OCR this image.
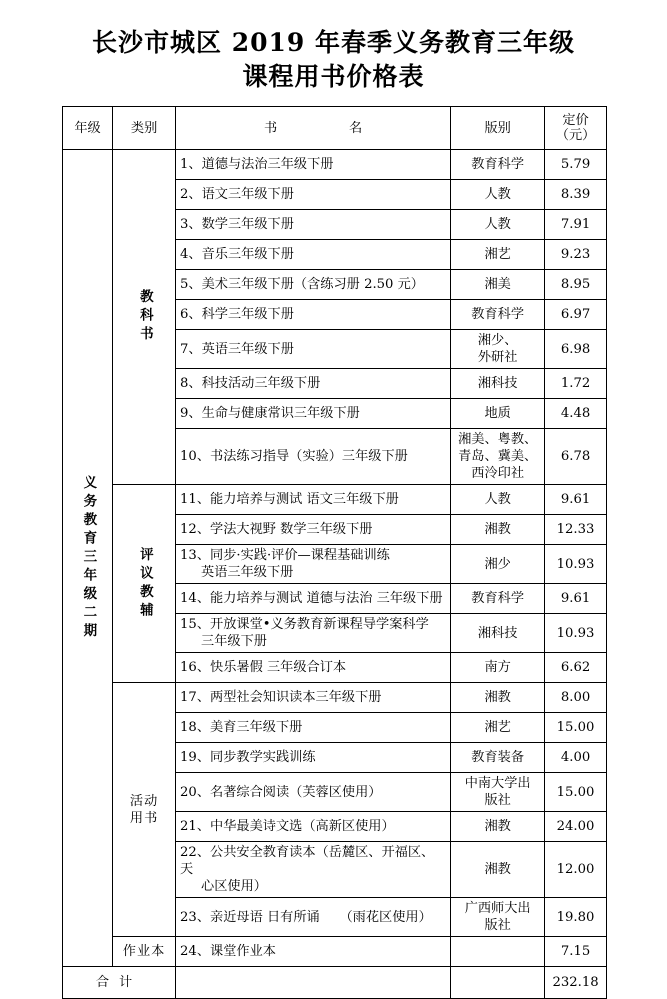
长沙市城区 2019 年春季义务教育三年级
课程用书价格表
年级	类别	书 名	版别	定价
（元）

义务教育三年级二期	教科书	1、道德与法治三年级下册	教育科学	5.79
		2、语文三年级下册	人教	8.39
		3、数学三年级下册	人教	7.91
		4、音乐三年级下册	湘艺	9.23
		5、美术三年级下册（含练习册 2.50 元）	湘美	8.95
		6、科学三年级下册	教育科学	6.97
		7、英语三年级下册	湘少、
外研社	6.98
		8、科技活动三年级下册	湘科技	1.72
		9、生命与健康常识三年级下册	地质	4.48
		10、书法练习指导（实验）三年级下册	湘美、粤教、
青岛、冀美、
西泠印社	6.78

	评议教辅	11、能力培养与测试 语文三年级下册	人教	9.61
		12、学法大视野 数学三年级下册	湘教	12.33
		13、同步·实践·评价—课程基础训练
英语三年级下册	湘少	10.93
		14、能力培养与测试 道德与法治 三年级下册	教育科学	9.61
		15、开放课堂•义务教育新课程导学案科学
三年级下册	湘科技	10.93
		16、快乐暑假 三年级合订本	南方	6.62

	活动
用书	17、两型社会知识读本三年级下册	湘教	8.00
		18、美育三年级下册	湘艺	15.00
		19、同步教学实践训练	教育装备	4.00
		20、名著综合阅读（芙蓉区使用）	中南大学出
版社	15.00
		21、中华最美诗文选（高新区使用）	湘教	24.00
		22、公共安全教育读本（岳麓区、开福区、天
心区使用）	湘教	12.00
		23、亲近母语 日有所诵　　（雨花区使用）	广西师大出
版社	19.80
	作业本	24、课堂作业本		7.15
合计				232.18
